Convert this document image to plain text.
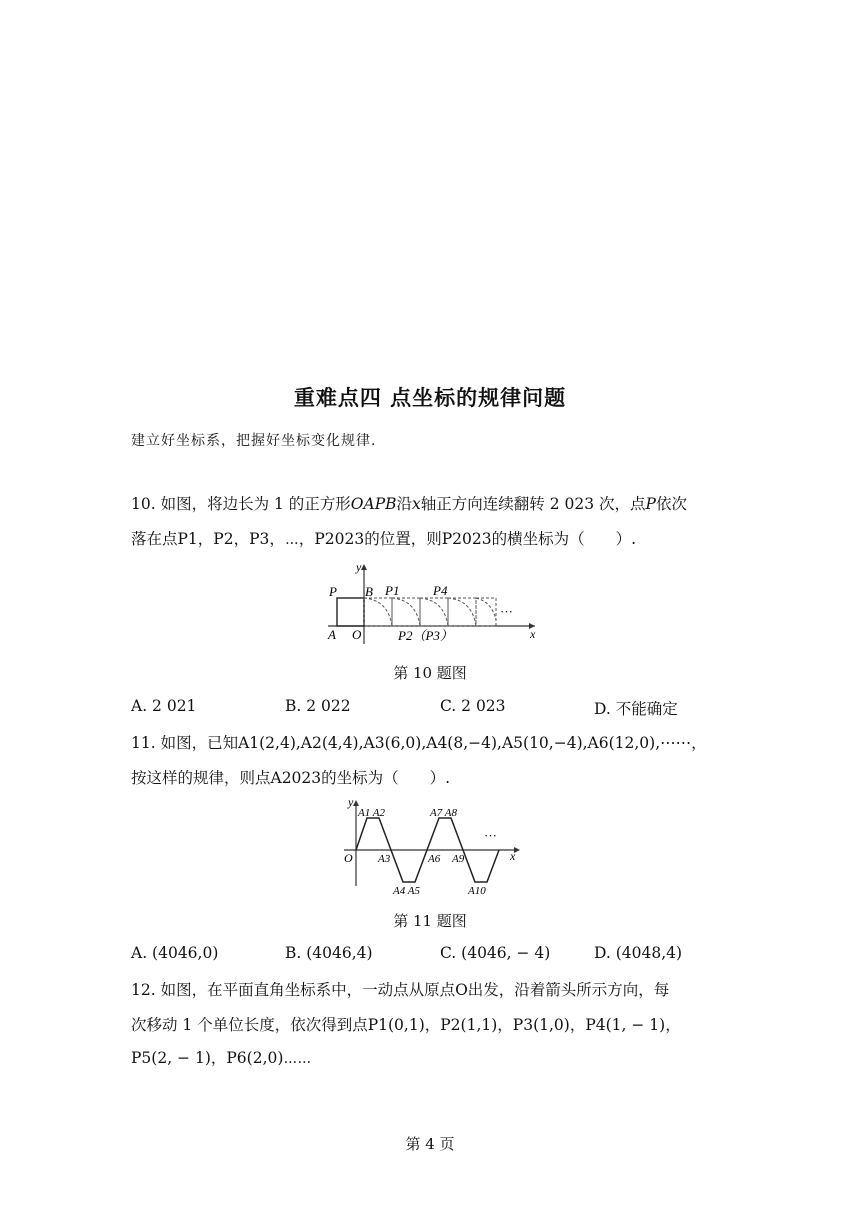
重难点四 点坐标的规律问题
建立好坐标系，把握好坐标变化规律.
10. 如图，将边长为 1 的正方形OAPB沿x轴正方向连续翻转 2 023 次，点P依次
落在点P1，P2，P3，⋯，P2023的位置，则P2023的横坐标为（　　）.
y
x
P B P1	P4
A O	P2（P3）
···
第 10 题图
A. 2 021	B. 2 022	C. 2 023	D. 不能确定
11. 如图，已知A1(2,4),A2(4,4),A3(6,0),A4(8,−4),A5(10,−4),A6(12,0),⋯⋯，
按这样的规律，则点A2023的坐标为（　　）.
y
x
O
A1 A2	A7 A8
A3	A6 A9
A4 A5	A10
···
第 11 题图
A. (4046,0)	B. (4046,4)	C. (4046, − 4)	D. (4048,4)
12. 如图，在平面直角坐标系中，一动点从原点O出发，沿着箭头所示方向，每
次移动 1 个单位长度，依次得到点P1(0,1)，P2(1,1)，P3(1,0)，P4(1, − 1)，
P5(2, − 1)，P6(2,0)⋯⋯
第 4 页
